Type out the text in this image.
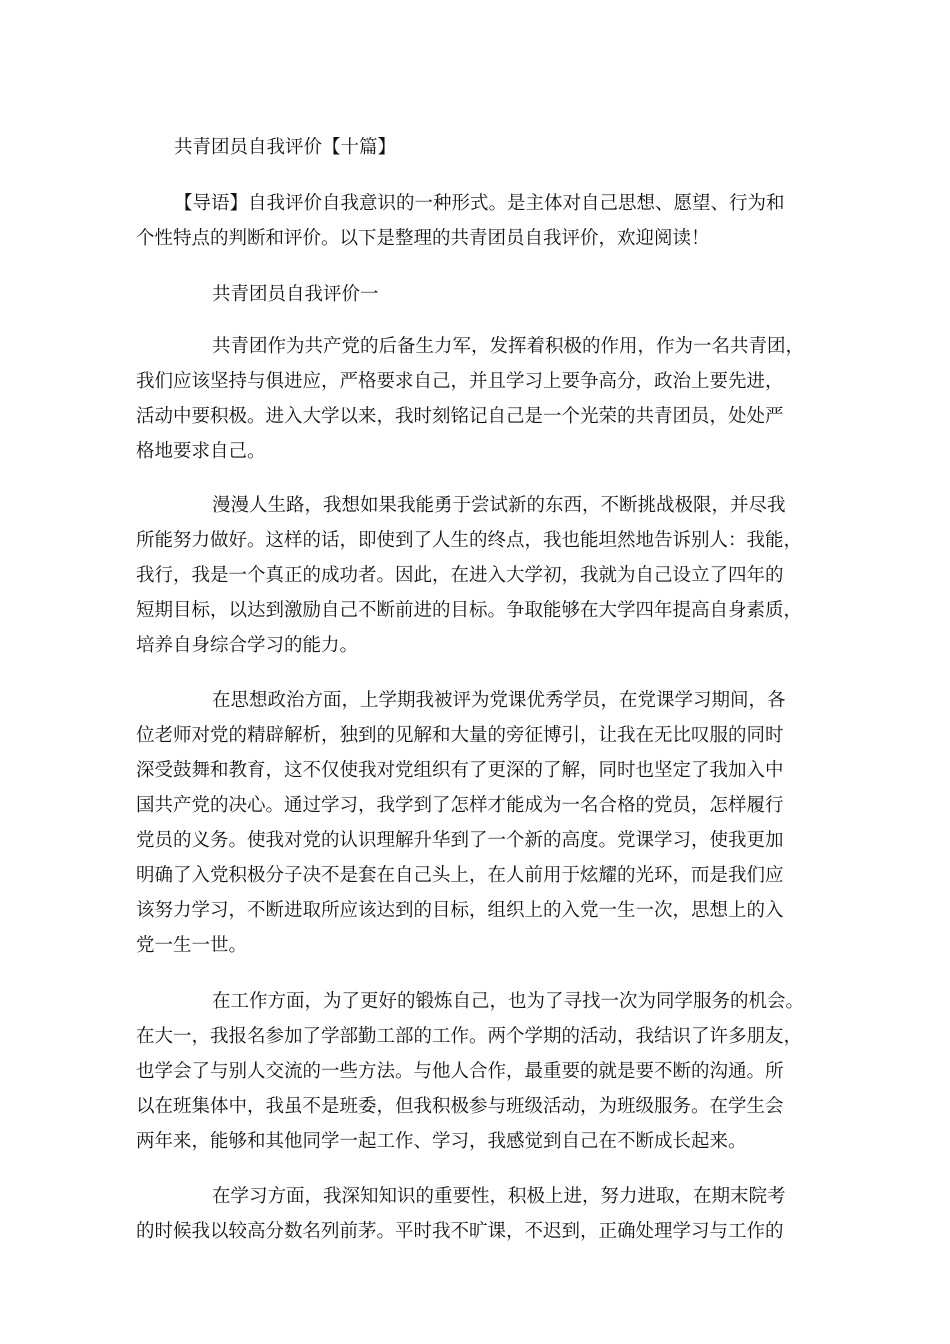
共青团员自我评价【十篇】
【导语】自我评价自我意识的一种形式。是主体对自己思想、愿望、行为和
个性特点的判断和评价。以下是整理的共青团员自我评价，欢迎阅读！
共青团员自我评价一
共青团作为共产党的后备生力军，发挥着积极的作用，作为一名共青团，
我们应该坚持与俱进应，严格要求自己，并且学习上要争高分，政治上要先进，
活动中要积极。进入大学以来，我时刻铭记自己是一个光荣的共青团员，处处严
格地要求自己。
漫漫人生路，我想如果我能勇于尝试新的东西，不断挑战极限，并尽我
所能努力做好。这样的话，即使到了人生的终点，我也能坦然地告诉别人：我能，
我行，我是一个真正的成功者。因此，在进入大学初，我就为自己设立了四年的
短期目标，以达到激励自己不断前进的目标。争取能够在大学四年提高自身素质，
培养自身综合学习的能力。
在思想政治方面，上学期我被评为党课优秀学员，在党课学习期间，各
位老师对党的精辟解析，独到的见解和大量的旁征博引，让我在无比叹服的同时
深受鼓舞和教育，这不仅使我对党组织有了更深的了解，同时也坚定了我加入中
国共产党的决心。通过学习，我学到了怎样才能成为一名合格的党员，怎样履行
党员的义务。使我对党的认识理解升华到了一个新的高度。党课学习，使我更加
明确了入党积极分子决不是套在自己头上，在人前用于炫耀的光环，而是我们应
该努力学习，不断进取所应该达到的目标，组织上的入党一生一次，思想上的入
党一生一世。
在工作方面，为了更好的锻炼自己，也为了寻找一次为同学服务的机会。
在大一，我报名参加了学部勤工部的工作。两个学期的活动，我结识了许多朋友，
也学会了与别人交流的一些方法。与他人合作，最重要的就是要不断的沟通。所
以在班集体中，我虽不是班委，但我积极参与班级活动，为班级服务。在学生会
两年来，能够和其他同学一起工作、学习，我感觉到自己在不断成长起来。
在学习方面，我深知知识的重要性，积极上进，努力进取，在期末院考
的时候我以较高分数名列前茅。平时我不旷课，不迟到，正确处理学习与工作的
